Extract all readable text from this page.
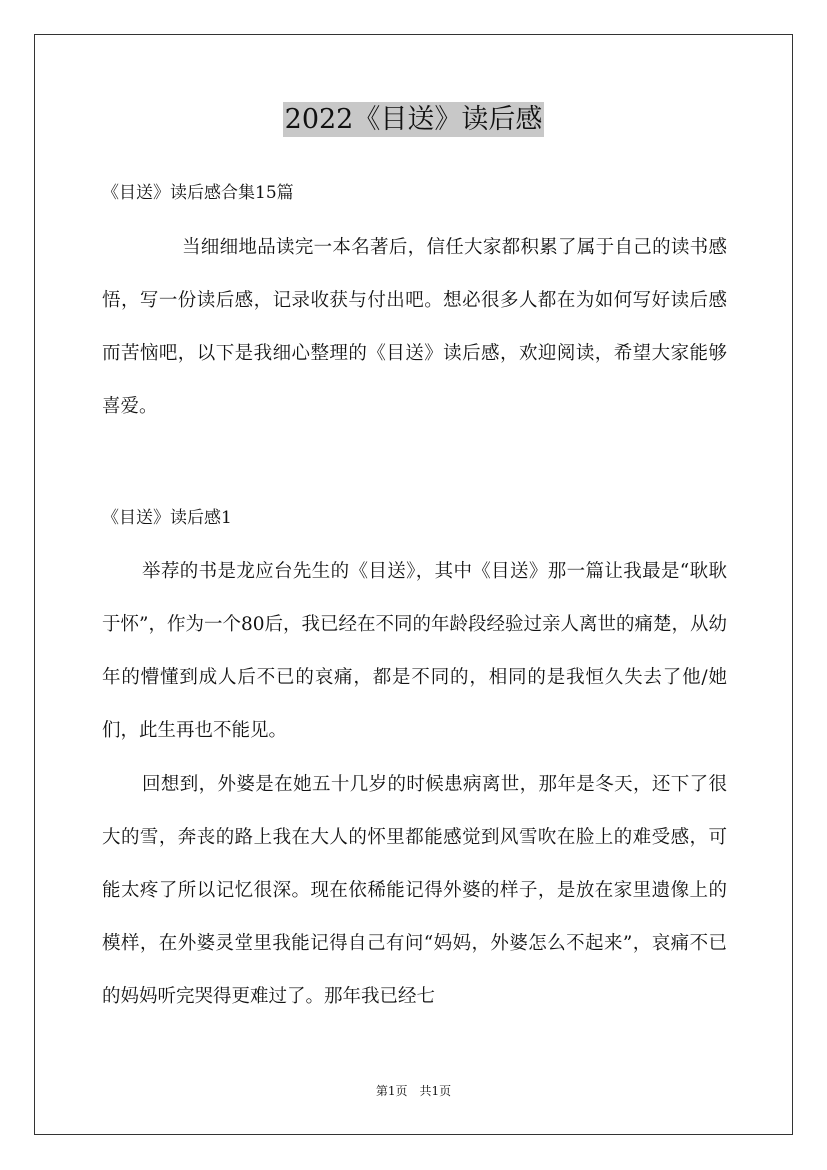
2022《目送》读后感
《目送》读后感合集15篇

当细细地品读完一本名著后，信任大家都积累了属于自己的读书感悟，写一份读后感，记录收获与付出吧。想必很多人都在为如何写好读后感而苦恼吧，以下是我细心整理的《目送》读后感，欢迎阅读，希望大家能够喜爱。

《目送》读后感1

举荐的书是龙应台先生的《目送》，其中《目送》那一篇让我最是“耿耿于怀”，作为一个80后，我已经在不同的年龄段经验过亲人离世的痛楚，从幼年的懵懂到成人后不已的哀痛，都是不同的，相同的是我恒久失去了他/她们，此生再也不能见。

回想到，外婆是在她五十几岁的时候患病离世，那年是冬天，还下了很大的雪，奔丧的路上我在大人的怀里都能感觉到风雪吹在脸上的难受感，可能太疼了所以记忆很深。现在依稀能记得外婆的样子，是放在家里遗像上的模样，在外婆灵堂里我能记得自己有问“妈妈，外婆怎么不起来”，哀痛不已的妈妈听完哭得更难过了。那年我已经七

第1页　共1页
